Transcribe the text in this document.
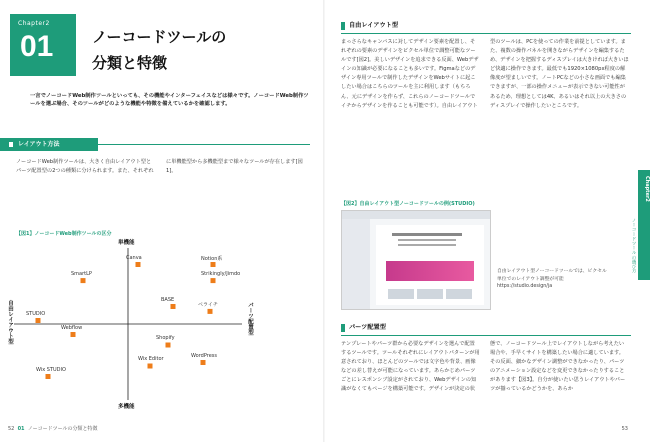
Chapter2
01	ノーコードツールの
分類と特徴
一言でノーコードWeb制作ツールといっても、その機能やインターフェイスなどは様々です。ノーコードWeb制作ツールを選ぶ場合、そのツールがどのような機能や特徴を備えているかを確認します。
レイアウト方法
ノーコードWeb制作ツールは、大きく自由レイアウト型とパーツ配置型の2つの種類に分けられます。また、それぞれに単機能型から多機能型まで様々なツールが存在します[図1]。
【図1】ノーコードWeb制作ツールの区分
単機能
多機能
自由レイアウト型	パーツ配置型
Canva	Notion系
SmartLP	Strikingly/Jimdo
BASE
ペライチ
STUDIO
Webflow
Shopify
WordPress
Wix Editor
Wix STUDIO
52 01 ノーコードツールの分類と特徴
自由レイアウト型
まっさらなキャンバスに対してデザイン要素を配置し、それぞれの要素のデザインをピクセル単位で調整可能なツールです[図2]。美しいデザインを追求できる反面、Webデザインの知識が必要になることも多いです。Figmaなどのデザイン専用ツールで制作したデザインをWebサイトに起こしたい場合はこちらのツールを主に利用します（もちろん、元にデザインを作らず、これらのノーコードツールでイチからデザインを作ることも可能です）。自由レイアウト型のツールは、PCを使っての作業を前提としています。また、複数の操作パネルを開きながらデザインを編集するため、デザインを把握するディスプレイは大きければ大きいほど快適に操作できます。最低でも1920×1080px程度の解像度が望ましいです。ノートPCなどの小さな画面でも編集できますが、一部の操作メニューが表示できない可能性があるため、理想としては4K、あるいはそれ以上の大きさのディスプレイで操作したいところです。
【図2】自由レイアウト型ノーコードツールの例(STUDIO)
自由レイアウト型ノーコードツールでは、ピクセル単位でのレイアウト調整が可能 https://studio.design/ja
パーツ配置型
テンプレートやパーツ群から必要なデザインを選んで配置するツールです。ツールそれぞれにレイアウトパターンが用意されており、ほとんどのツールでは文字色や背景、画像などの差し替えが可能になっています。あらかじめパーツごとにレスポンシブ設定がされており、Webデザインの知識がなくてもページを構築可能です。デザインが決定の状態で、ノーコードツール上でレイアウトしながら考えたい場合や、手早くサイトを構築したい場合に適しています。その反面、細かなデザイン調整ができなかったり、パーツのアニメーション設定などを変更できなかったりすることがあります【図3】。自分が使いたい思うレイアウトやパーツが揃っているかどうかを、あらか
Chapter2
ノーコードツールの選び方
53
